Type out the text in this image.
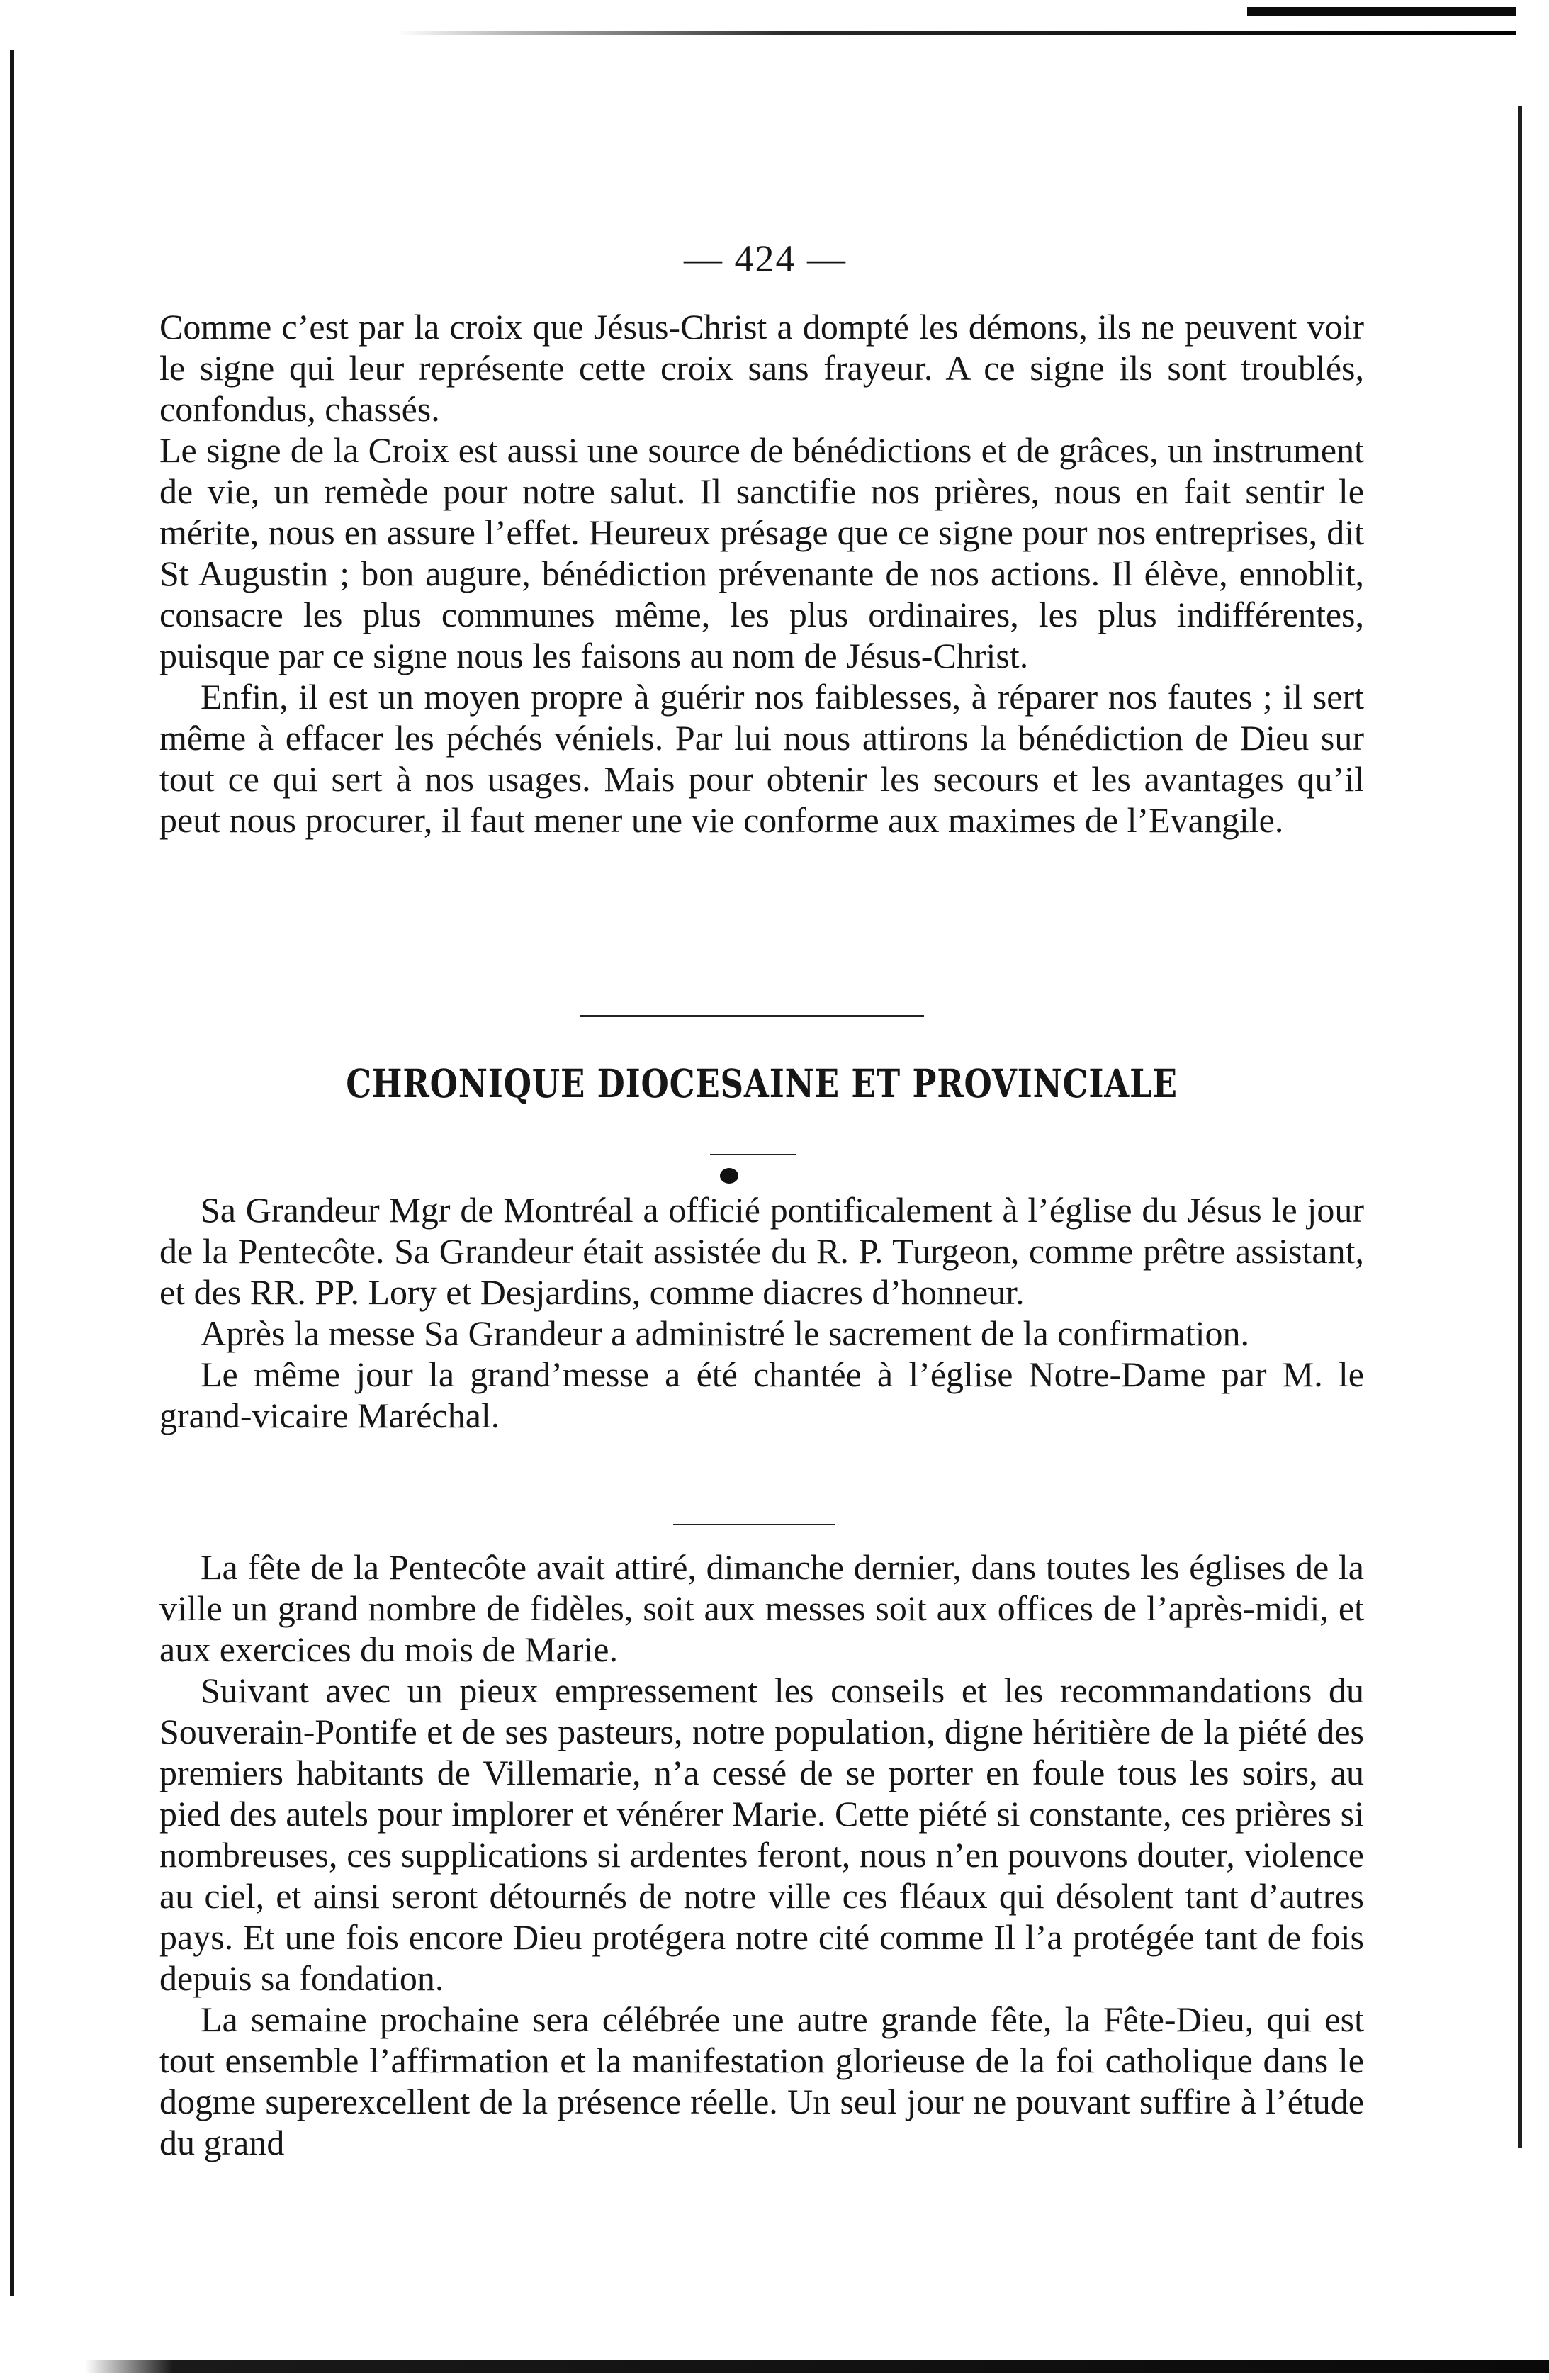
— 424 —

Comme c’est par la croix que Jésus-Christ a dompté les démons, ils ne peuvent voir le signe qui leur représente cette croix sans frayeur. A ce signe ils sont troublés, confondus, chassés.

Le signe de la Croix est aussi une source de bénédictions et de grâces, un instrument de vie, un remède pour notre salut. Il sanctifie nos prières, nous en fait sentir le mérite, nous en assure l’effet. Heureux présage que ce signe pour nos entreprises, dit St Augustin ; bon augure, bénédiction prévenante de nos actions. Il élève, ennoblit, consacre les plus communes même, les plus ordinaires, les plus indifférentes, puisque par ce signe nous les faisons au nom de Jésus-Christ.

Enfin, il est un moyen propre à guérir nos faiblesses, à réparer nos fautes ; il sert même à effacer les péchés véniels. Par lui nous attirons la bénédiction de Dieu sur tout ce qui sert à nos usages. Mais pour obtenir les secours et les avantages qu’il peut nous procurer, il faut mener une vie conforme aux maximes de l’Evangile.

CHRONIQUE DIOCESAINE ET PROVINCIALE

Sa Grandeur Mgr de Montréal a officié pontificalement à l’église du Jésus le jour de la Pentecôte. Sa Grandeur était assistée du R. P. Turgeon, comme prêtre assistant, et des RR. PP. Lory et Desjardins, comme diacres d’honneur.

Après la messe Sa Grandeur a administré le sacrement de la confirmation.

Le même jour la grand’messe a été chantée à l’église Notre-Dame par M. le grand-vicaire Maréchal.

La fête de la Pentecôte avait attiré, dimanche dernier, dans toutes les églises de la ville un grand nombre de fidèles, soit aux messes soit aux offices de l’après-midi, et aux exercices du mois de Marie.

Suivant avec un pieux empressement les conseils et les recommandations du Souverain-Pontife et de ses pasteurs, notre population, digne héritière de la piété des premiers habitants de Villemarie, n’a cessé de se porter en foule tous les soirs, au pied des autels pour implorer et vénérer Marie. Cette piété si constante, ces prières si nombreuses, ces supplications si ardentes feront, nous n’en pouvons douter, violence au ciel, et ainsi seront détournés de notre ville ces fléaux qui désolent tant d’autres pays. Et une fois encore Dieu protégera notre cité comme Il l’a protégée tant de fois depuis sa fondation.

La semaine prochaine sera célébrée une autre grande fête, la Fête-Dieu, qui est tout ensemble l’affirmation et la manifestation glorieuse de la foi catholique dans le dogme superexcellent de la présence réelle. Un seul jour ne pouvant suffire à l’étude du grand
